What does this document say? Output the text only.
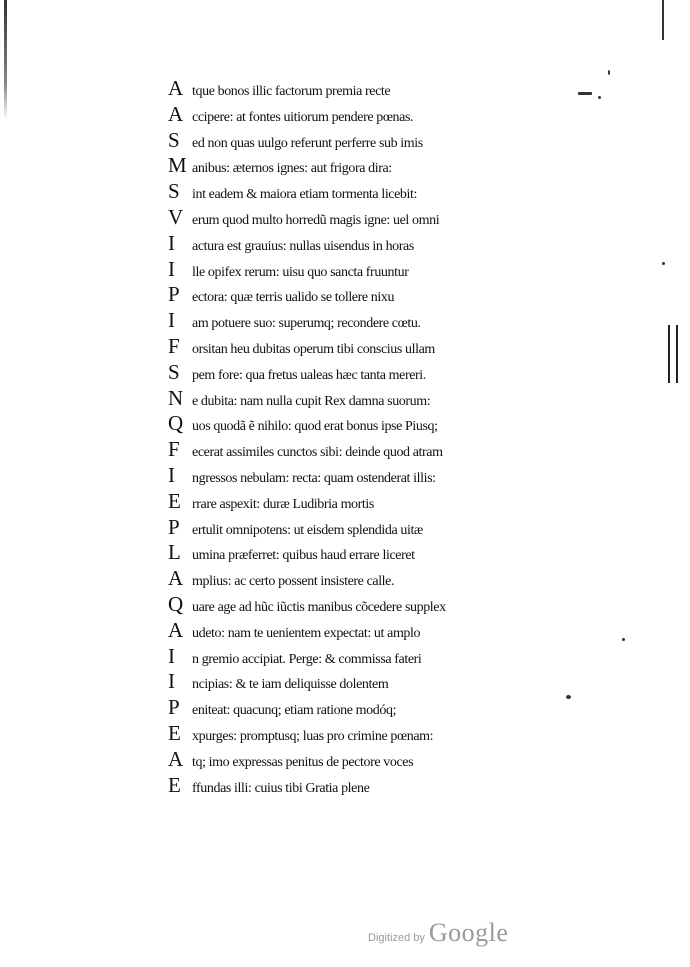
A tque bonos illic factorum premia recte
A ccipere: at fontes uitiorum pendere pœnas.
S ed non quas uulgo referunt perferre sub imis
M anibus: æternos ignes: aut frigora dira:
S int eadem & maiora etiam tormenta licebit:
V erum quod multo horredũ magis igne: uel omni
I	actura est grauius: nullas uisendus in horas
I	lle opifex rerum: uisu quo sancta fruuntur
P ectora: quæ terris ualido se tollere nixu
I	am potuere suo: superumq; recondere cœtu.
F orsitan heu dubitas operum tibi conscius ullam
S pem fore: qua fretus ualeas hæc tanta mereri.
N e dubita: nam nulla cupit Rex damna suorum:
Q uos quodã ẽ nihilo: quod erat bonus ipse Piusq;
F ecerat assimiles cunctos sibi: deinde quod atram
I	ngressos nebulam: recta: quam ostenderat illis:
E rrare aspexit: duræ Ludibria mortis
P ertulit omnipotens: ut eisdem splendida uitæ
L umina præferret: quibus haud errare liceret
A mplius: ac certo possent insistere calle.
Q uare age ad hũc iũctis manibus cõcedere supplex
A udeto: nam te uenientem expectat: ut amplo
I	n gremio accipiat. Perge: & commissa fateri
I	ncipias: & te iam deliquisse dolentem
P eniteat: quacunq; etiam ratione modóq;
E xpurges: promptusq; luas pro crimine pœnam:
A tq; imo expressas penitus de pectore voces
E ffundas illi: cuius tibi Gratia plene
Digitized by Google
